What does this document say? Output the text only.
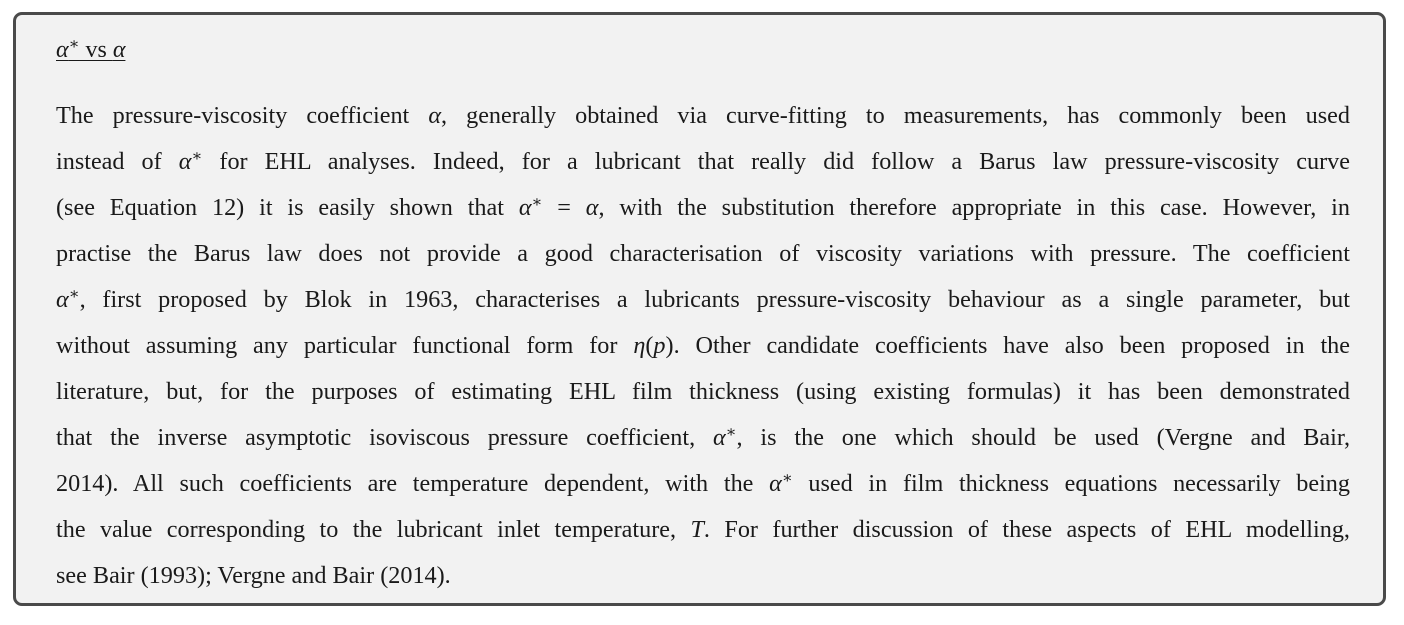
α∗ vs α
The pressure-viscosity coefficient α, generally obtained via curve-fitting to measurements, has commonly been used
instead of α∗ for EHL analyses. Indeed, for a lubricant that really did follow a Barus law pressure-viscosity curve
(see Equation 12) it is easily shown that α∗ = α, with the substitution therefore appropriate in this case. However, in
practise the Barus law does not provide a good characterisation of viscosity variations with pressure. The coefficient
α∗, first proposed by Blok in 1963, characterises a lubricants pressure-viscosity behaviour as a single parameter, but
without assuming any particular functional form for η(p). Other candidate coefficients have also been proposed in the
literature, but, for the purposes of estimating EHL film thickness (using existing formulas) it has been demonstrated
that the inverse asymptotic isoviscous pressure coefficient, α∗, is the one which should be used (Vergne and Bair,
2014). All such coefficients are temperature dependent, with the α∗ used in film thickness equations necessarily being
the value corresponding to the lubricant inlet temperature, T. For further discussion of these aspects of EHL modelling,
see Bair (1993); Vergne and Bair (2014).
